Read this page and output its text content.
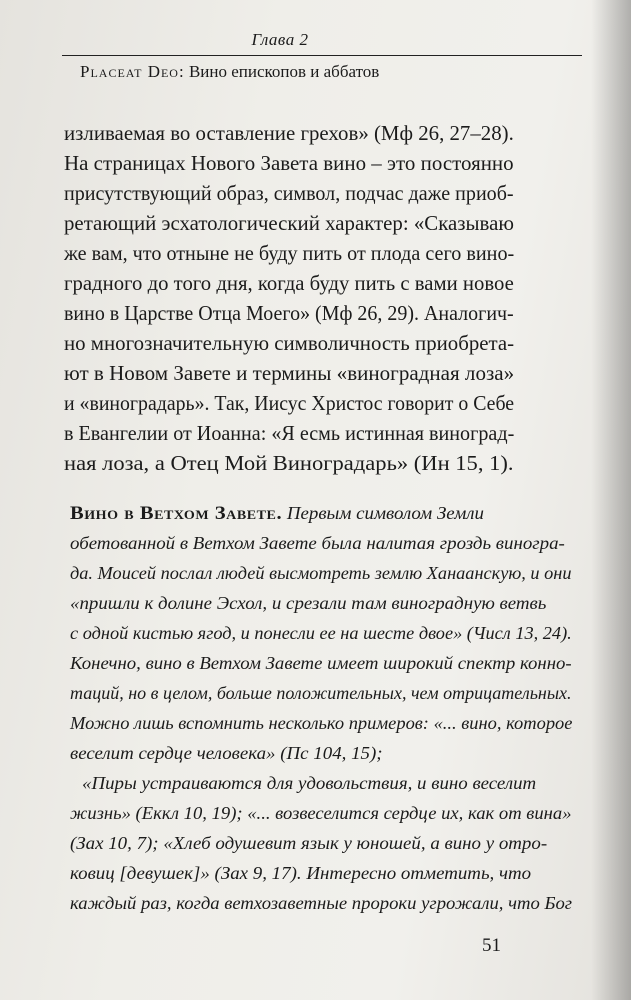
Глава 2
Placeat Deo: Вино епископов и аббатов
изливаемая во оставление грехов» (Мф 26, 27–28).
На страницах Нового Завета вино – это постоянно
присутствующий образ, символ, подчас даже приоб-
ретающий эсхатологический характер: «Сказываю
же вам, что отныне не буду пить от плода сего вино-
градного до того дня, когда буду пить с вами новое
вино в Царстве Отца Моего» (Мф 26, 29). Аналогич-
но многозначительную символичность приобрета-
ют в Новом Завете и термины «виноградная лоза»
и «виноградарь». Так, Иисус Христос говорит о Себе
в Евангелии от Иоанна: «Я есмь истинная виноград-
ная лоза, а Отец Мой Виноградарь» (Ин 15, 1).
Вино в Ветхом Завете. Первым символом Земли
обетованной в Ветхом Завете была налитая гроздь виногра-
да. Моисей послал людей высмотреть землю Ханаанскую, и они
«пришли к долине Эсхол, и срезали там виноградную ветвь
с одной кистью ягод, и понесли ее на шесте двое» (Числ 13, 24).
Конечно, вино в Ветхом Завете имеет широкий спектр конно-
таций, но в целом, больше положительных, чем отрицательных.
Можно лишь вспомнить несколько примеров: «... вино, которое
веселит сердце человека» (Пс 104, 15);
«Пиры устраиваются для удовольствия, и вино веселит
жизнь» (Еккл 10, 19); «... возвеселится сердце их, как от вина»
(Зах 10, 7); «Хлеб одушевит язык у юношей, а вино у отро-
ковиц [девушек]» (Зах 9, 17). Интересно отметить, что
каждый раз, когда ветхозаветные пророки угрожали, что Бог
51
